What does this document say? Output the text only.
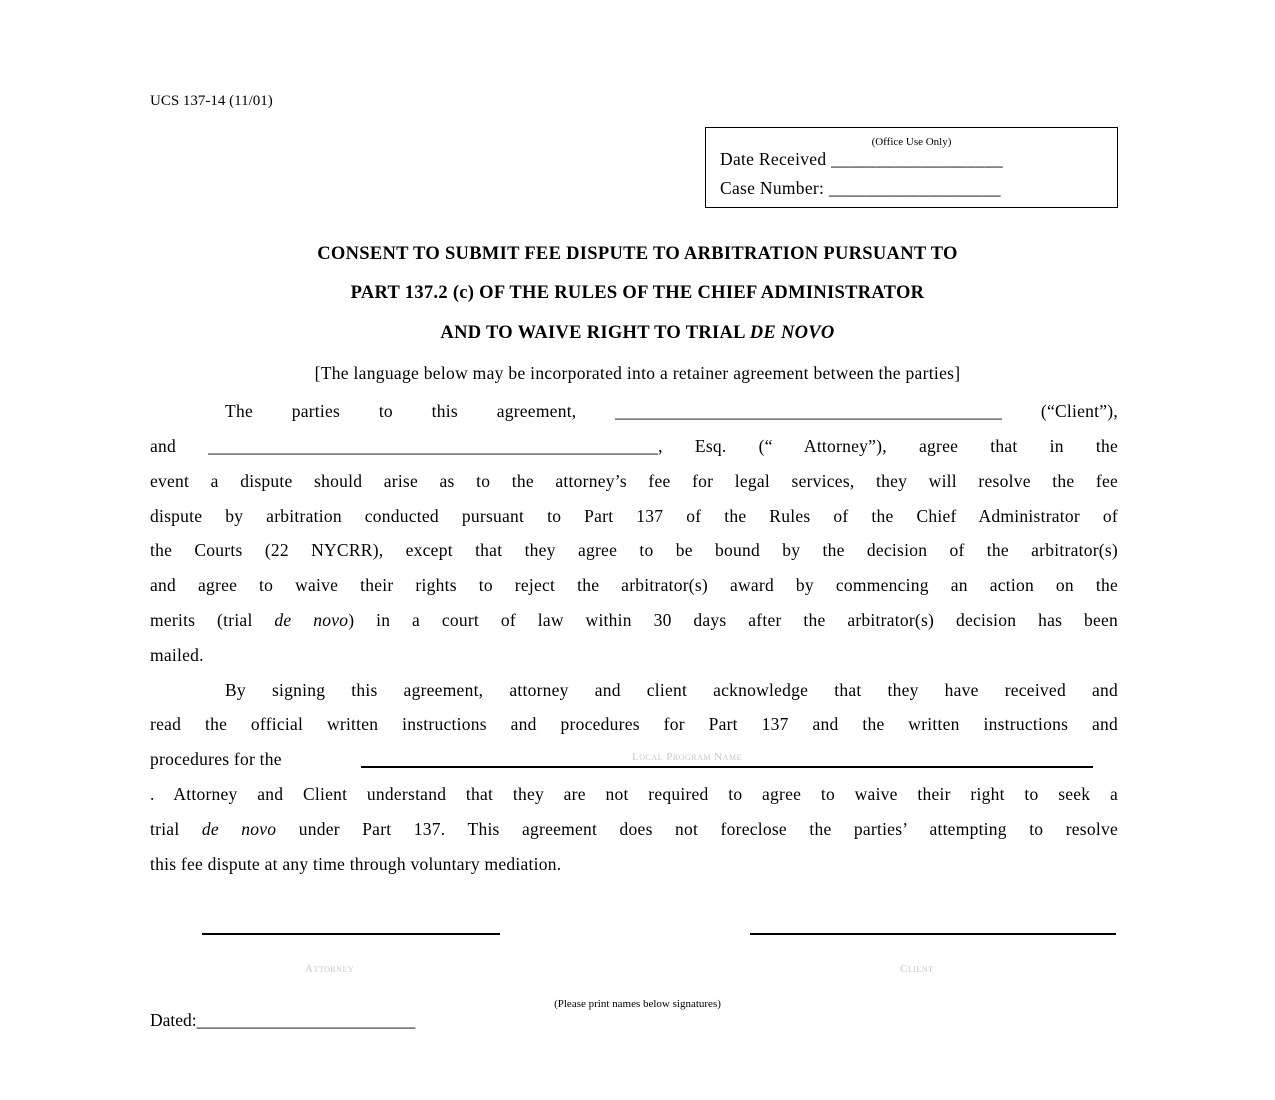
UCS 137-14 (11/01)
(Office Use Only)
Date Received ___________________
Case Number: ___________________
CONSENT TO SUBMIT FEE DISPUTE TO ARBITRATION PURSUANT TO
PART 137.2 (c) OF THE RULES OF THE CHIEF ADMINISTRATOR
AND TO WAIVE RIGHT TO TRIAL DE NOVO
[The language below may be incorporated into a retainer agreement between the parties]
The parties to this agreement, ___________________________________________ (“Client”),
and __________________________________________________, Esq. (“ Attorney”), agree that in the
event a dispute should arise as to the attorney’s fee for legal services, they will resolve the fee
dispute by arbitration conducted pursuant to Part 137 of the Rules of the Chief Administrator of
the Courts (22 NYCRR), except that they agree to be bound by the decision of the arbitrator(s)
and agree to waive their rights to reject the arbitrator(s) award by commencing an action on the
merits (trial de novo) in a court of law within 30 days after the arbitrator(s) decision has been
mailed.
By signing this agreement, attorney and client acknowledge that they have received and
read the official written instructions and procedures for Part 137 and the written instructions and
procedures for the
. Attorney and Client understand that they are not required to agree to waive their right to seek a
trial de novo under Part 137. This agreement does not foreclose the parties’ attempting to resolve
this fee dispute at any time through voluntary mediation.
Local Program Name
Attorney	Client
(Please print names below signatures)
Dated:_________________________
